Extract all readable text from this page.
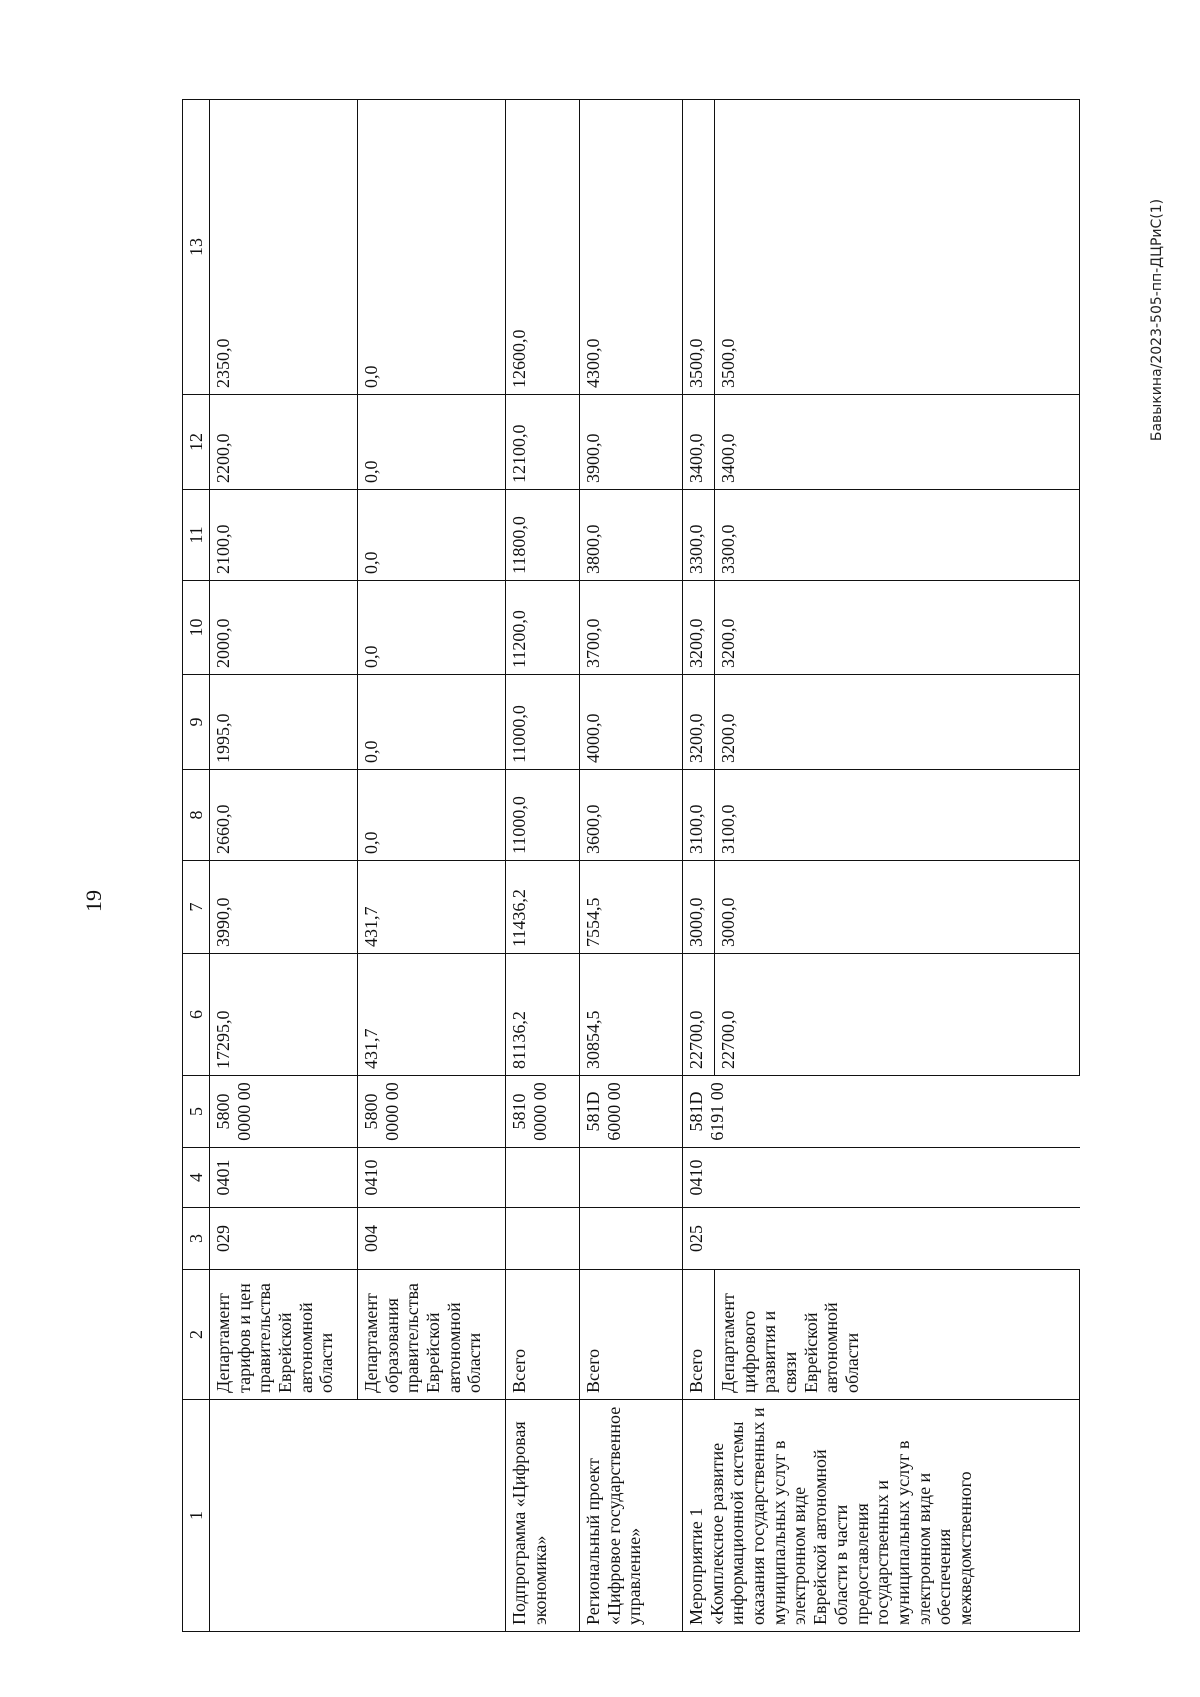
19
Бавыкина/2023-505-пп-ДЦРиС(1)
1	2	3	4	5	6	7	8	9	10	11	12	13
	Департамент тарифов и цен правительства Еврейской автономной области	029	0401	5800 0000 00	17295,0	3990,0	2660,0	1995,0	2000,0	2100,0	2200,0	2350,0
	Департамент образования правительства Еврейской автономной области	004	0410	5800 0000 00	431,7	431,7	0,0	0,0	0,0	0,0	0,0	0,0
Подпрограмма «Цифровая экономика»	Всего			5810 0000 00	81136,2	11436,2	11000,0	11000,0	11200,0	11800,0	12100,0	12600,0
Региональный проект «Цифровое государственное управление»	Всего			581D 6000 00	30854,5	7554,5	3600,0	4000,0	3700,0	3800,0	3900,0	4300,0
Мероприятие 1 «Комплексное развитие информационной системы оказания государственных и муниципальных услуг в электронном виде Еврейской автономной области в части предоставления государственных и муниципальных услуг в электронном виде и обеспечения межведомственного	Всего	025	0410	581D 6191 00	22700,0	3000,0	3100,0	3200,0	3200,0	3300,0	3400,0	3500,0
	Департамент цифрового развития и связи Еврейской автономной области				22700,0	3000,0	3100,0	3200,0	3200,0	3300,0	3400,0	3500,0
